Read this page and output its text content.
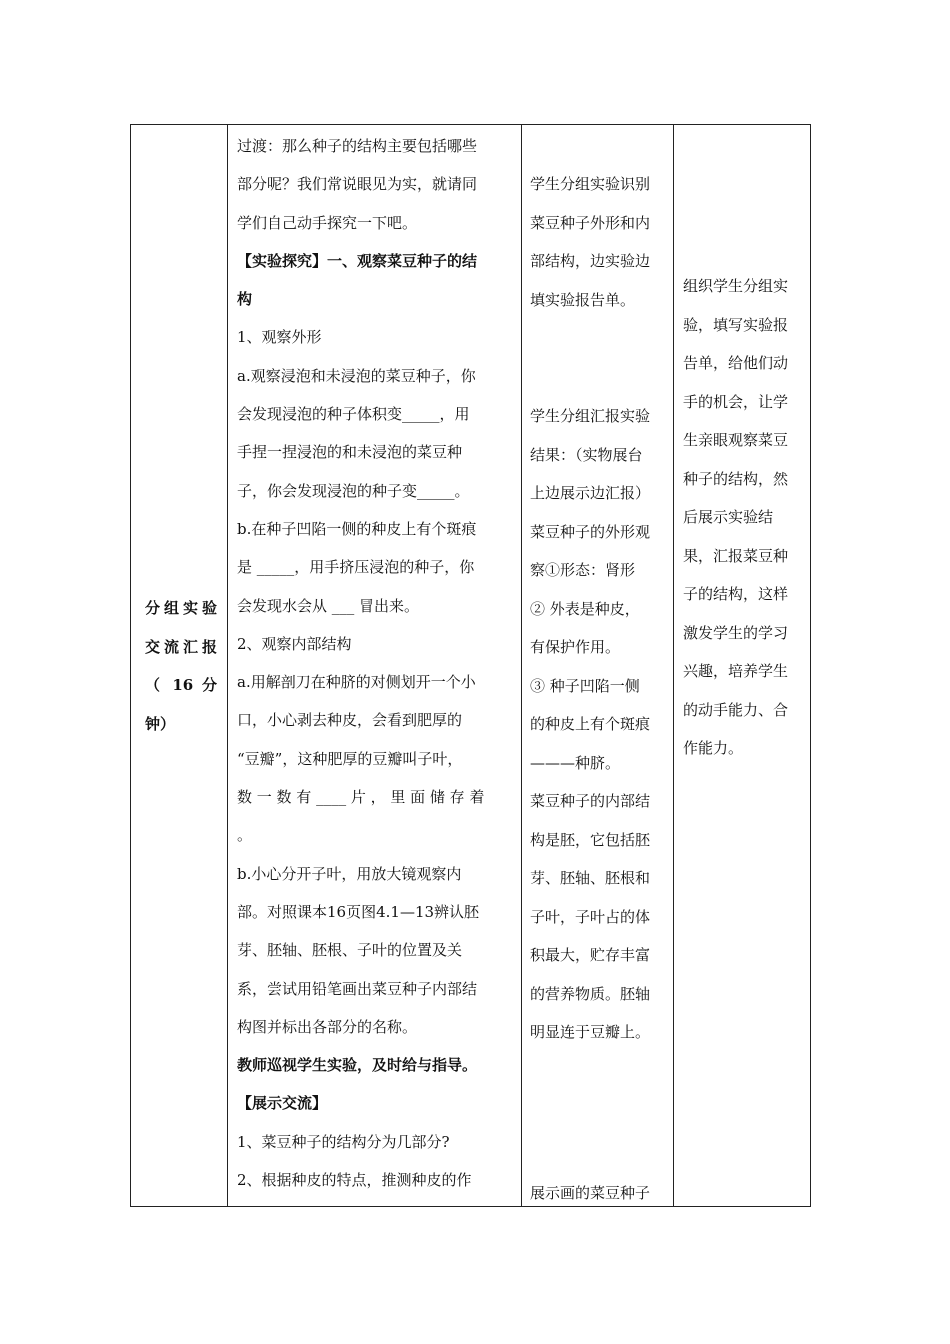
分组实验

交流汇报

（ 16 分

钟）

过渡：那么种子的结构主要包括哪些

部分呢？我们常说眼见为实，就请同

学们自己动手探究一下吧。

【实验探究】一、观察菜豆种子的结

构

1、观察外形

a.观察浸泡和未浸泡的菜豆种子，你

会发现浸泡的种子体积变_____，用

手捏一捏浸泡的和未浸泡的菜豆种

子，你会发现浸泡的种子变_____。

b.在种子凹陷一侧的种皮上有个斑痕

是 _____，用手挤压浸泡的种子，你

会发现水会从 ___ 冒出来。

2、观察内部结构

a.用解剖刀在种脐的对侧划开一个小

口，小心剥去种皮，会看到肥厚的

“豆瓣”，这种肥厚的豆瓣叫子叶，

数 一 数 有 ____ 片 ， 里 面 储 存 着

。

b.小心分开子叶，用放大镜观察内

部。对照课本16页图4.1—13辨认胚

芽、胚轴、胚根、子叶的位置及关

系，尝试用铅笔画出菜豆种子内部结

构图并标出各部分的名称。

教师巡视学生实验，及时给与指导。

【展示交流】

1、菜豆种子的结构分为几部分?

2、根据种皮的特点，推测种皮的作

学生分组实验识别

菜豆种子外形和内

部结构，边实验边

填实验报告单。

学生分组汇报实验

结果：（实物展台

上边展示边汇报）

菜豆种子的外形观

察①形态：肾形

② 外表是种皮，

有保护作用。

③ 种子凹陷一侧

的种皮上有个斑痕

———种脐。

菜豆种子的内部结

构是胚，它包括胚

芽、胚轴、胚根和

子叶，子叶占的体

积最大，贮存丰富

的营养物质。胚轴

明显连于豆瓣上。

展示画的菜豆种子

组织学生分组实

验，填写实验报

告单，给他们动

手的机会，让学

生亲眼观察菜豆

种子的结构，然

后展示实验结

果，汇报菜豆种

子的结构，这样

激发学生的学习

兴趣，培养学生

的动手能力、合

作能力。
